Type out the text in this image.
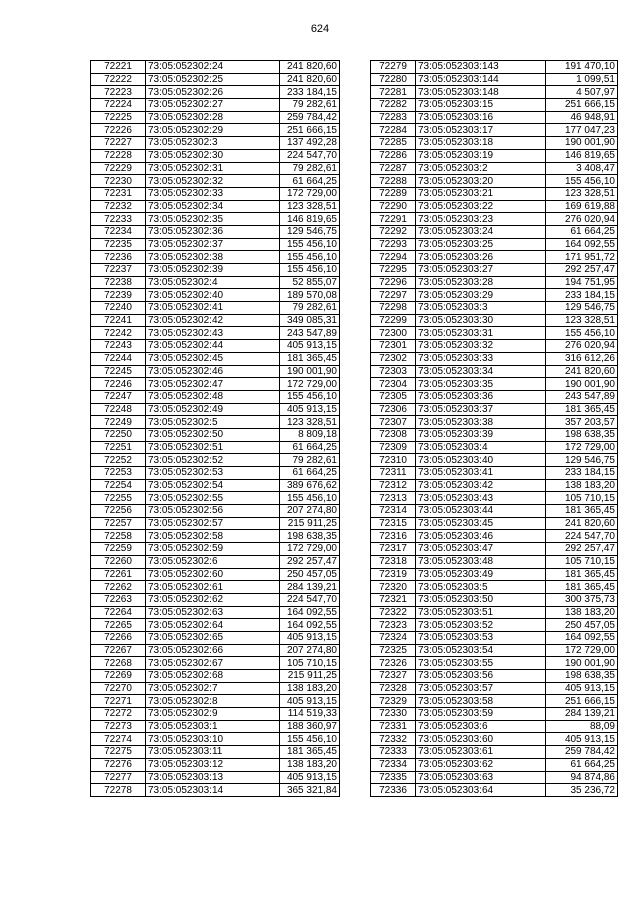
624
72221	73:05:052302:24	241 820,60
72222	73:05:052302:25	241 820,60
72223	73:05:052302:26	233 184,15
72224	73:05:052302:27	79 282,61
72225	73:05:052302:28	259 784,42
72226	73:05:052302:29	251 666,15
72227	73:05:052302:3	137 492,28
72228	73:05:052302:30	224 547,70
72229	73:05:052302:31	79 282,61
72230	73:05:052302:32	61 664,25
72231	73:05:052302:33	172 729,00
72232	73:05:052302:34	123 328,51
72233	73:05:052302:35	146 819,65
72234	73:05:052302:36	129 546,75
72235	73:05:052302:37	155 456,10
72236	73:05:052302:38	155 456,10
72237	73:05:052302:39	155 456,10
72238	73:05:052302:4	52 855,07
72239	73:05:052302:40	189 570,08
72240	73:05:052302:41	79 282,61
72241	73:05:052302:42	349 085,31
72242	73:05:052302:43	243 547,89
72243	73:05:052302:44	405 913,15
72244	73:05:052302:45	181 365,45
72245	73:05:052302:46	190 001,90
72246	73:05:052302:47	172 729,00
72247	73:05:052302:48	155 456,10
72248	73:05:052302:49	405 913,15
72249	73:05:052302:5	123 328,51
72250	73:05:052302:50	8 809,18
72251	73:05:052302:51	61 664,25
72252	73:05:052302:52	79 282,61
72253	73:05:052302:53	61 664,25
72254	73:05:052302:54	389 676,62
72255	73:05:052302:55	155 456,10
72256	73:05:052302:56	207 274,80
72257	73:05:052302:57	215 911,25
72258	73:05:052302:58	198 638,35
72259	73:05:052302:59	172 729,00
72260	73:05:052302:6	292 257,47
72261	73:05:052302:60	250 457,05
72262	73:05:052302:61	284 139,21
72263	73:05:052302:62	224 547,70
72264	73:05:052302:63	164 092,55
72265	73:05:052302:64	164 092,55
72266	73:05:052302:65	405 913,15
72267	73:05:052302:66	207 274,80
72268	73:05:052302:67	105 710,15
72269	73:05:052302:68	215 911,25
72270	73:05:052302:7	138 183,20
72271	73:05:052302:8	405 913,15
72272	73:05:052302:9	114 519,33
72273	73:05:052303:1	188 360,97
72274	73:05:052303:10	155 456,10
72275	73:05:052303:11	181 365,45
72276	73:05:052303:12	138 183,20
72277	73:05:052303:13	405 913,15
72278	73:05:052303:14	365 321,84
72279	73:05:052303:143	191 470,10
72280	73:05:052303:144	1 099,51
72281	73:05:052303:148	4 507,97
72282	73:05:052303:15	251 666,15
72283	73:05:052303:16	46 948,91
72284	73:05:052303:17	177 047,23
72285	73:05:052303:18	190 001,90
72286	73:05:052303:19	146 819,65
72287	73:05:052303:2	3 408,47
72288	73:05:052303:20	155 456,10
72289	73:05:052303:21	123 328,51
72290	73:05:052303:22	169 619,88
72291	73:05:052303:23	276 020,94
72292	73:05:052303:24	61 664,25
72293	73:05:052303:25	164 092,55
72294	73:05:052303:26	171 951,72
72295	73:05:052303:27	292 257,47
72296	73:05:052303:28	194 751,95
72297	73:05:052303:29	233 184,15
72298	73:05:052303:3	129 546,75
72299	73:05:052303:30	123 328,51
72300	73:05:052303:31	155 456,10
72301	73:05:052303:32	276 020,94
72302	73:05:052303:33	316 612,26
72303	73:05:052303:34	241 820,60
72304	73:05:052303:35	190 001,90
72305	73:05:052303:36	243 547,89
72306	73:05:052303:37	181 365,45
72307	73:05:052303:38	357 203,57
72308	73:05:052303:39	198 638,35
72309	73:05:052303:4	172 729,00
72310	73:05:052303:40	129 546,75
72311	73:05:052303:41	233 184,15
72312	73:05:052303:42	138 183,20
72313	73:05:052303:43	105 710,15
72314	73:05:052303:44	181 365,45
72315	73:05:052303:45	241 820,60
72316	73:05:052303:46	224 547,70
72317	73:05:052303:47	292 257,47
72318	73:05:052303:48	105 710,15
72319	73:05:052303:49	181 365,45
72320	73:05:052303:5	181 365,45
72321	73:05:052303:50	300 375,73
72322	73:05:052303:51	138 183,20
72323	73:05:052303:52	250 457,05
72324	73:05:052303:53	164 092,55
72325	73:05:052303:54	172 729,00
72326	73:05:052303:55	190 001,90
72327	73:05:052303:56	198 638,35
72328	73:05:052303:57	405 913,15
72329	73:05:052303:58	251 666,15
72330	73:05:052303:59	284 139,21
72331	73:05:052303:6	88,09
72332	73:05:052303:60	405 913,15
72333	73:05:052303:61	259 784,42
72334	73:05:052303:62	61 664,25
72335	73:05:052303:63	94 874,86
72336	73:05:052303:64	35 236,72
